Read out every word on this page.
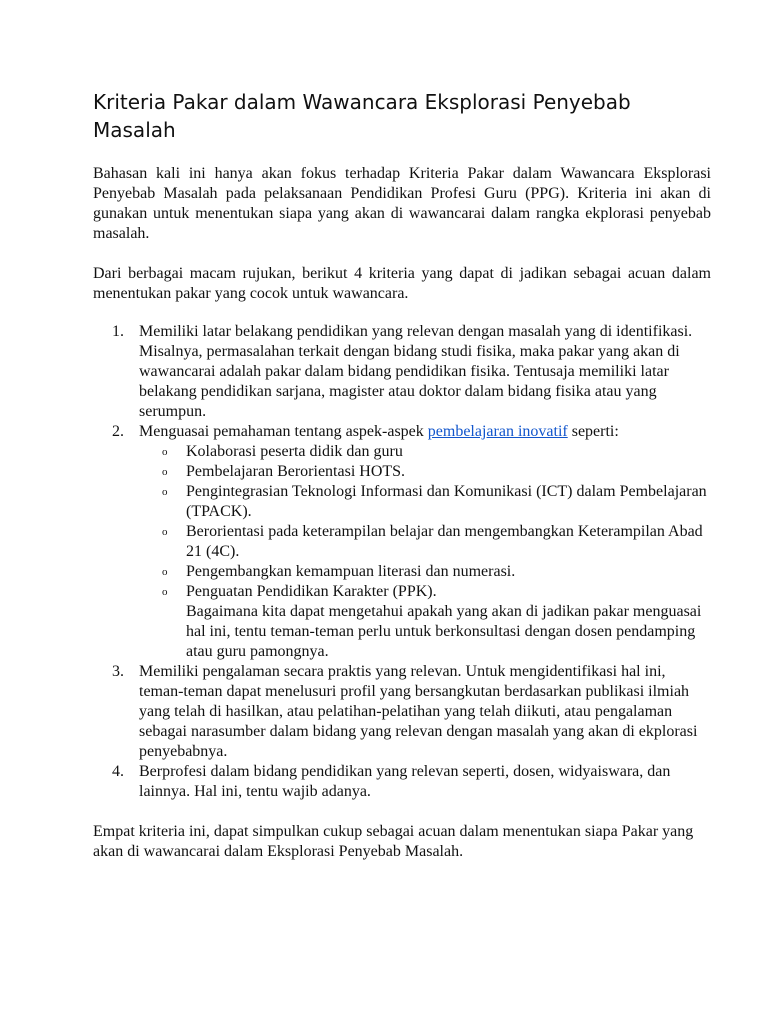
Kriteria Pakar dalam Wawancara Eksplorasi Penyebab Masalah

Bahasan kali ini hanya akan fokus terhadap Kriteria Pakar dalam Wawancara Eksplorasi Penyebab Masalah pada pelaksanaan Pendidikan Profesi Guru (PPG). Kriteria ini akan di gunakan untuk menentukan siapa yang akan di wawancarai dalam rangka ekplorasi penyebab masalah.

Dari berbagai macam rujukan, berikut 4 kriteria yang dapat di jadikan sebagai acuan dalam menentukan pakar yang cocok untuk wawancara.

1. Memiliki latar belakang pendidikan yang relevan dengan masalah yang di identifikasi. Misalnya, permasalahan terkait dengan bidang studi fisika, maka pakar yang akan di wawancarai adalah pakar dalam bidang pendidikan fisika. Tentusaja memiliki latar belakang pendidikan sarjana, magister atau doktor dalam bidang fisika atau yang serumpun.
2. Menguasai pemahaman tentang aspek-aspek pembelajaran inovatif seperti:
o Kolaborasi peserta didik dan guru
o Pembelajaran Berorientasi HOTS.
o Pengintegrasian Teknologi Informasi dan Komunikasi (ICT) dalam Pembelajaran (TPACK).
o Berorientasi pada keterampilan belajar dan mengembangkan Keterampilan Abad 21 (4C).
o Pengembangkan kemampuan literasi dan numerasi.
o Penguatan Pendidikan Karakter (PPK).
Bagaimana kita dapat mengetahui apakah yang akan di jadikan pakar menguasai hal ini, tentu teman-teman perlu untuk berkonsultasi dengan dosen pendamping atau guru pamongnya.
3. Memiliki pengalaman secara praktis yang relevan. Untuk mengidentifikasi hal ini, teman-teman dapat menelusuri profil yang bersangkutan berdasarkan publikasi ilmiah yang telah di hasilkan, atau pelatihan-pelatihan yang telah diikuti, atau pengalaman sebagai narasumber dalam bidang yang relevan dengan masalah yang akan di ekplorasi penyebabnya.
4. Berprofesi dalam bidang pendidikan yang relevan seperti, dosen, widyaiswara, dan lainnya. Hal ini, tentu wajib adanya.

Empat kriteria ini, dapat simpulkan cukup sebagai acuan dalam menentukan siapa Pakar yang akan di wawancarai dalam Eksplorasi Penyebab Masalah.
